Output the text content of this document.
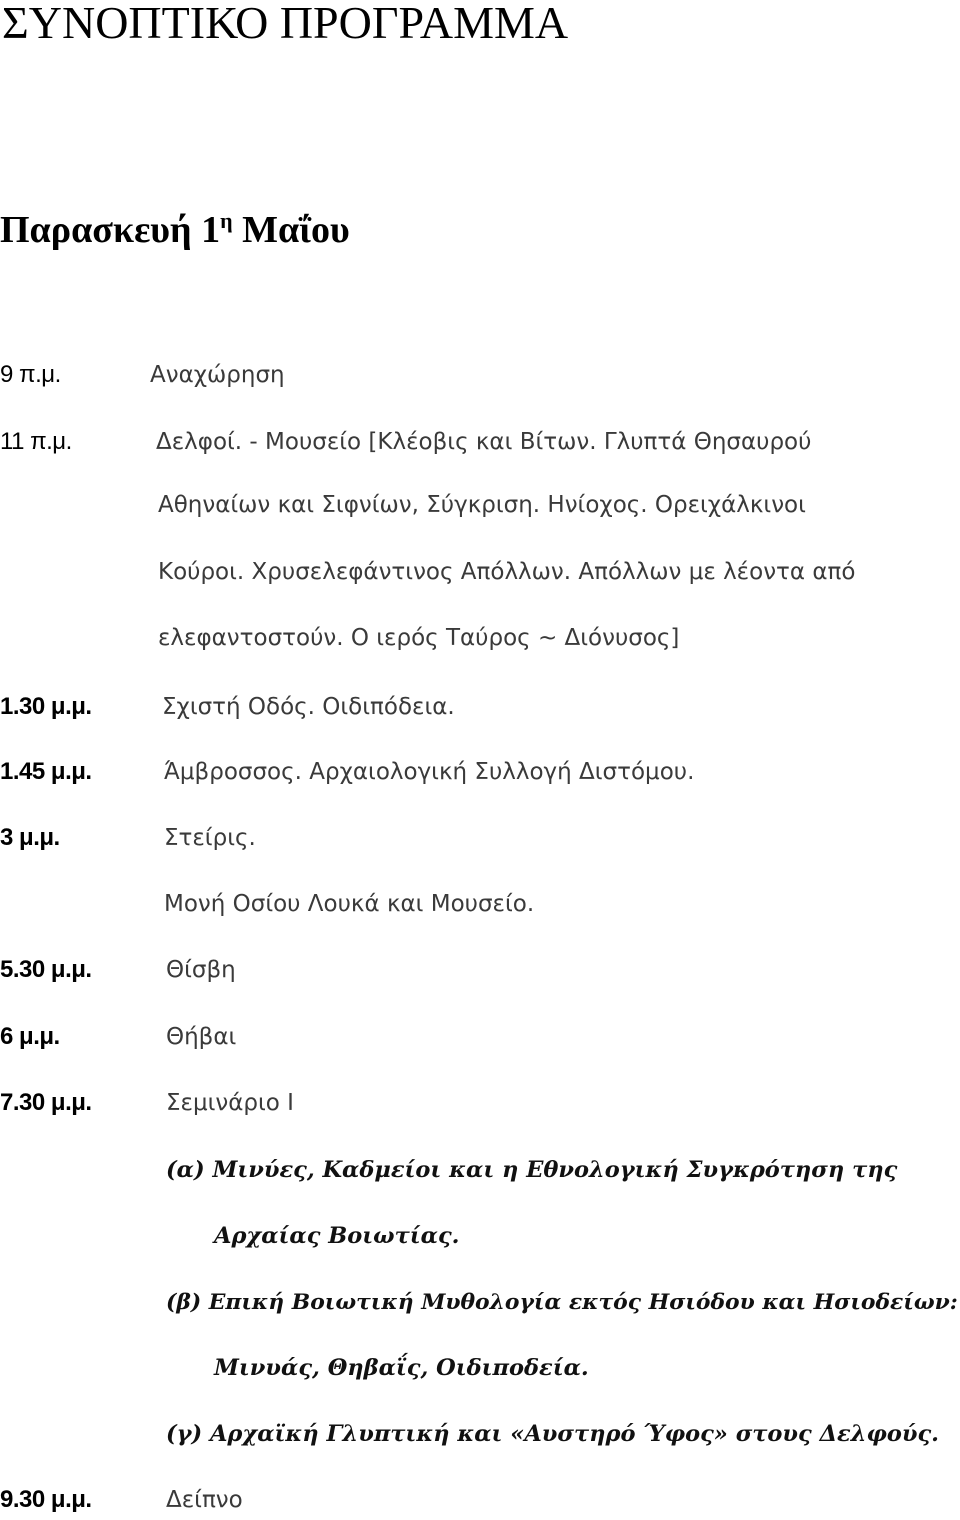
ΣΥΝΟΠΤΙΚΟ ΠΡΟΓΡΑΜΜΑ
Παρασκευή $1^\eta$ Μαΐου
9 π.μ.	Αναχώρηση
11 π.μ.	Δελφοί. - Μουσείο [Κλέοβις και Βίτων. Γλυπτά Θησαυρού
Αθηναίων και Σιφνίων, Σύγκριση. Ηνίοχος. Ορειχάλκινοι
Κούροι. Χρυσελεφάντινος Απόλλων. Απόλλων με λέοντα από
ελεφαντοστούν. Ο ιερός Ταύρος ~ Διόνυσος]
1.30 μ.μ.	Σχιστή Οδός. Οιδιπόδεια.
1.45 μ.μ.	Άμβροσσος. Αρχαιολογική Συλλογή Διστόμου.
3 μ.μ.	Στείρις.
Μονή Οσίου Λουκά και Μουσείο.
5.30 μ.μ.	Θίσβη
6 μ.μ.	Θήβαι
7.30 μ.μ.	Σεμινάριο Ι
(α) Μινύες, Καδμείοι και η Εθνολογική Συγκρότηση της
Αρχαίας Βοιωτίας.
(β) Επική Βοιωτική Μυθολογία εκτός Ησιόδου και Ησιοδείων:
Μινυάς, Θηβαΐς, Οιδιποδεία.
(γ) Αρχαϊκή Γλυπτική και «Αυστηρό Ύφος» στους Δελφούς.
9.30 μ.μ.	Δείπνο
